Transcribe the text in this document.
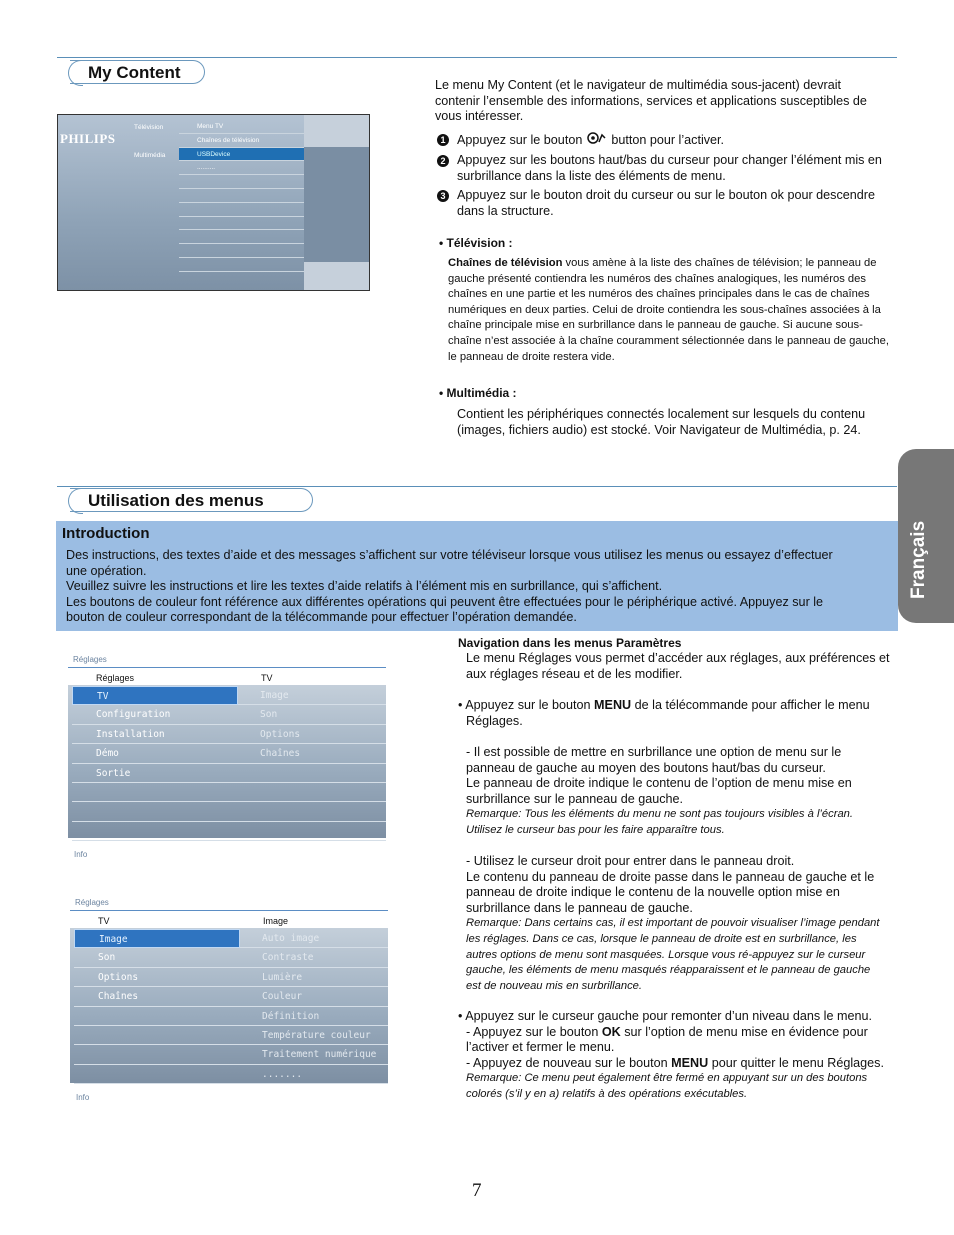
My Content
PHILIPS
Télévision
Multimédia
Menu TV
Chaînes de télévision
USBDevice
..........
Le menu My Content (et le navigateur de multimédia sous-jacent) devrait contenir l’ensemble des informations, services et applications susceptibles de vous intéresser.
1 Appuyez sur le bouton button pour l’activer.
2 Appuyez sur les boutons haut/bas du curseur pour changer l’élément mis en surbrillance dans la liste des éléments de menu.
3 Appuyez sur le bouton droit du curseur ou sur le bouton ok pour descendre dans la structure.
• Télévision :
Chaînes de télévision vous amène à la liste des chaînes de télévision; le panneau de gauche présenté contiendra les numéros des chaînes analogiques, les numéros des chaînes en une partie et les numéros des chaînes principales dans le cas de chaînes numériques en deux parties. Celui de droite contiendra les sous-chaînes associées à la chaîne principale mise en surbrillance dans le panneau de gauche. Si aucune sous-chaîne n’est associée à la chaîne couramment sélectionnée dans le panneau de gauche, le panneau de droite restera vide.
• Multimédia :
Contient les périphériques connectés localement sur lesquels du contenu (images, fichiers audio) est stocké. Voir Navigateur de Multimédia, p. 24.
Utilisation des menus
Français
Introduction
Des instructions, des textes d’aide et des messages s’affichent sur votre téléviseur lorsque vous utilisez les menus ou essayez d’effectuer
une opération.
Veuillez suivre les instructions et lire les textes d’aide relatifs à l’élément mis en surbrillance, qui s’affichent.
Les boutons de couleur font référence aux différentes opérations qui peuvent être effectuées pour le périphérique activé. Appuyez sur le
bouton de couleur correspondant de la télécommande pour effectuer l’opération demandée.
Réglages
Réglages	TV
TV
Configuration
Installation
Démo
Sortie
Image
Son
Options
Chaînes
Info
Réglages
TV	Image
Image
Son
Options
Chaînes
Auto image
Contraste
Lumière
Couleur
Définition
Température couleur
Traitement numérique
.......
Info
Navigation dans les menus Paramètres
Le menu Réglages vous permet d’accéder aux réglages, aux préférences et aux réglages réseau et de les modifier.
• Appuyez sur le bouton MENU de la télécommande pour afficher le menu Réglages.
- Il est possible de mettre en surbrillance une option de menu sur le panneau de gauche au moyen des boutons haut/bas du curseur.
Le panneau de droite indique le contenu de l’option de menu mise en surbrillance sur le panneau de gauche.
Remarque: Tous les éléments du menu ne sont pas toujours visibles à l’écran. Utilisez le curseur bas pour les faire apparaître tous.
- Utilisez le curseur droit pour entrer dans le panneau droit.
Le contenu du panneau de droite passe dans le panneau de gauche et le panneau de droite indique le contenu de la nouvelle option mise en surbrillance dans le panneau de gauche.
Remarque: Dans certains cas, il est important de pouvoir visualiser l’image pendant les réglages. Dans ce cas, lorsque le panneau de droite est en surbrillance, les autres options de menu sont masquées. Lorsque vous ré-appuyez sur le curseur gauche, les éléments de menu masqués réapparaissent et le panneau de gauche est de nouveau mis en surbrillance.
• Appuyez sur le curseur gauche pour remonter d’un niveau dans le menu.
- Appuyez sur le bouton OK sur l’option de menu mise en évidence pour l’activer et fermer le menu.
- Appuyez de nouveau sur le bouton MENU pour quitter le menu Réglages.
Remarque: Ce menu peut également être fermé en appuyant sur un des boutons colorés (s’il y en a) relatifs à des opérations exécutables.
7
